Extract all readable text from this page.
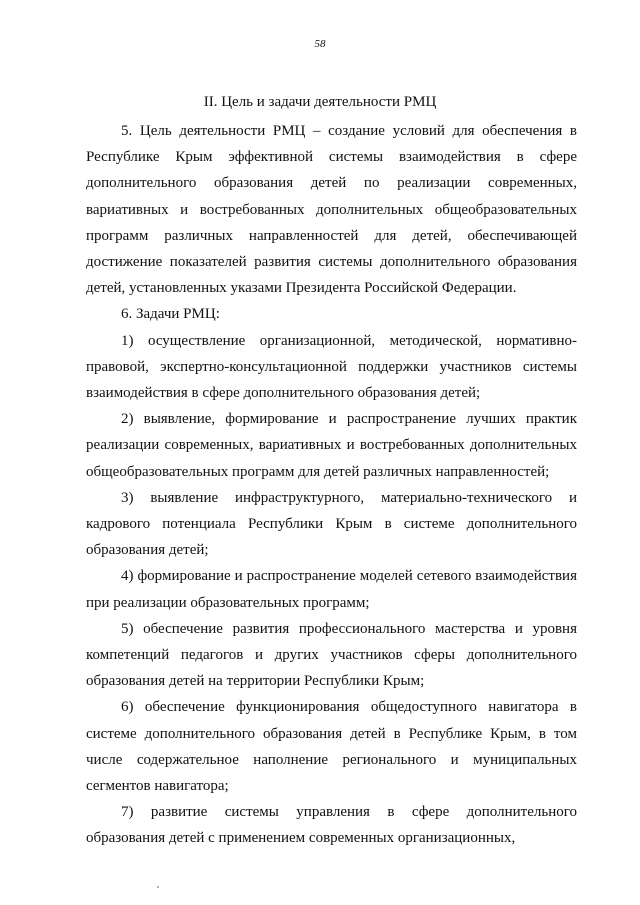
58
II. Цель и задачи деятельности РМЦ

5. Цель деятельности РМЦ – создание условий для обеспечения в Республике Крым эффективной системы взаимодействия в сфере дополнительного образования детей по реализации современных, вариативных и востребованных дополнительных общеобразовательных программ различных направленностей для детей, обеспечивающей достижение показателей развития системы дополнительного образования детей, установленных указами Президента Российской Федерации.

6. Задачи РМЦ:

1) осуществление организационной, методической, нормативно-правовой, экспертно-консультационной поддержки участников системы взаимодействия в сфере дополнительного образования детей;

2) выявление, формирование и распространение лучших практик реализации современных, вариативных и востребованных дополнительных общеобразовательных программ для детей различных направленностей;

3) выявление инфраструктурного, материально-технического и кадрового потенциала Республики Крым в системе дополнительного образования детей;

4) формирование и распространение моделей сетевого взаимодействия при реализации образовательных программ;

5) обеспечение развития профессионального мастерства и уровня компетенций педагогов и других участников сферы дополнительного образования детей на территории Республики Крым;

6) обеспечение функционирования общедоступного навигатора в системе дополнительного образования детей в Республике Крым, в том числе содержательное наполнение регионального и муниципальных сегментов навигатора;

7) развитие системы управления в сфере дополнительного образования детей с применением современных организационных,
